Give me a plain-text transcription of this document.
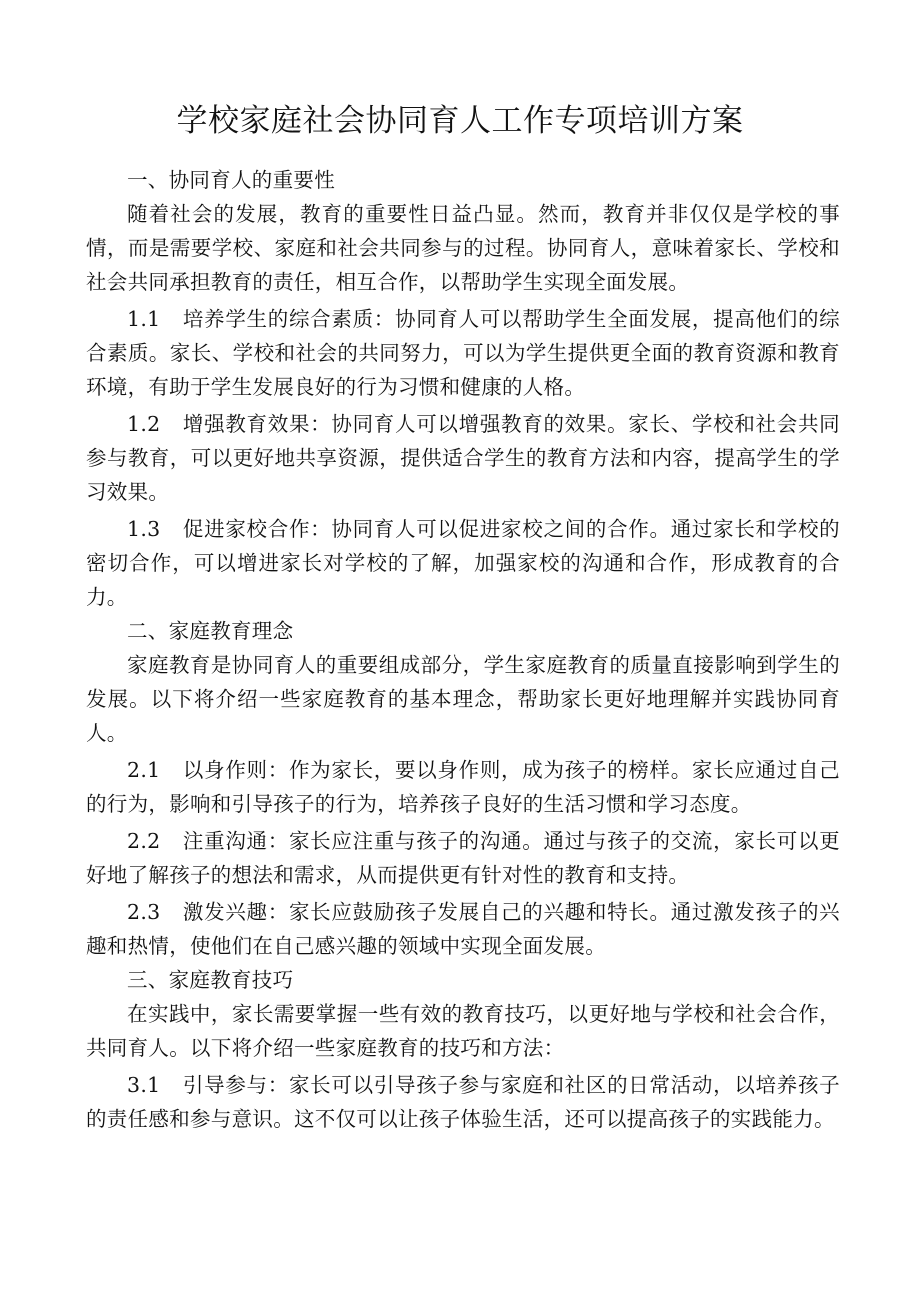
学校家庭社会协同育人工作专项培训方案

一、协同育人的重要性

随着社会的发展，教育的重要性日益凸显。然而，教育并非仅仅是学校的事情，而是需要学校、家庭和社会共同参与的过程。协同育人，意味着家长、学校和社会共同承担教育的责任，相互合作，以帮助学生实现全面发展。

1.1 培养学生的综合素质：协同育人可以帮助学生全面发展，提高他们的综合素质。家长、学校和社会的共同努力，可以为学生提供更全面的教育资源和教育环境，有助于学生发展良好的行为习惯和健康的人格。

1.2 增强教育效果：协同育人可以增强教育的效果。家长、学校和社会共同参与教育，可以更好地共享资源，提供适合学生的教育方法和内容，提高学生的学习效果。

1.3 促进家校合作：协同育人可以促进家校之间的合作。通过家长和学校的密切合作，可以增进家长对学校的了解，加强家校的沟通和合作，形成教育的合力。

二、家庭教育理念

家庭教育是协同育人的重要组成部分，学生家庭教育的质量直接影响到学生的发展。以下将介绍一些家庭教育的基本理念，帮助家长更好地理解并实践协同育人。

2.1 以身作则：作为家长，要以身作则，成为孩子的榜样。家长应通过自己的行为，影响和引导孩子的行为，培养孩子良好的生活习惯和学习态度。

2.2 注重沟通：家长应注重与孩子的沟通。通过与孩子的交流，家长可以更好地了解孩子的想法和需求，从而提供更有针对性的教育和支持。

2.3 激发兴趣：家长应鼓励孩子发展自己的兴趣和特长。通过激发孩子的兴趣和热情，使他们在自己感兴趣的领域中实现全面发展。

三、家庭教育技巧

在实践中，家长需要掌握一些有效的教育技巧，以更好地与学校和社会合作，共同育人。以下将介绍一些家庭教育的技巧和方法：

3.1 引导参与：家长可以引导孩子参与家庭和社区的日常活动，以培养孩子的责任感和参与意识。这不仅可以让孩子体验生活，还可以提高孩子的实践能力。
